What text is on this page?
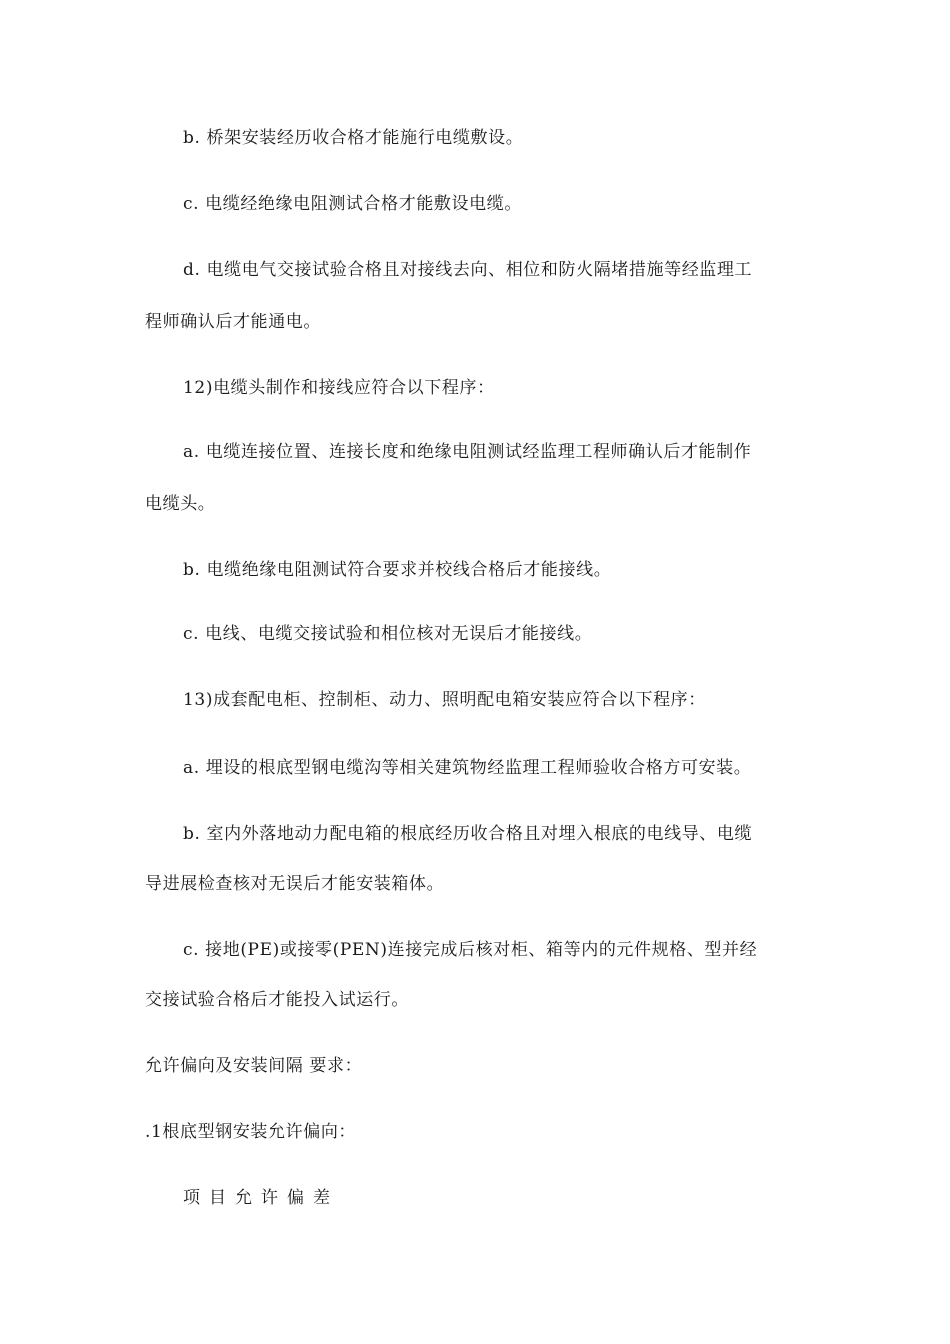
b. 桥架安装经历收合格才能施行电缆敷设。
c. 电缆经绝缘电阻测试合格才能敷设电缆。
d. 电缆电气交接试验合格且对接线去向、相位和防火隔堵措施等经监理工
程师确认后才能通电。
12)电缆头制作和接线应符合以下程序：
a. 电缆连接位置、连接长度和绝缘电阻测试经监理工程师确认后才能制作
电缆头。
b. 电缆绝缘电阻测试符合要求并校线合格后才能接线。
c. 电线、电缆交接试验和相位核对无误后才能接线。
13)成套配电柜、控制柜、动力、照明配电箱安装应符合以下程序：
a. 埋设的根底型钢电缆沟等相关建筑物经监理工程师验收合格方可安装。
b. 室内外落地动力配电箱的根底经历收合格且对埋入根底的电线导、电缆
导进展检查核对无误后才能安装箱体。
c. 接地(PE)或接零(PEN)连接完成后核对柜、箱等内的元件规格、型并经
交接试验合格后才能投入试运行。
允许偏向及安装间隔 要求：
.1根底型钢安装允许偏向：
项目允许偏差
